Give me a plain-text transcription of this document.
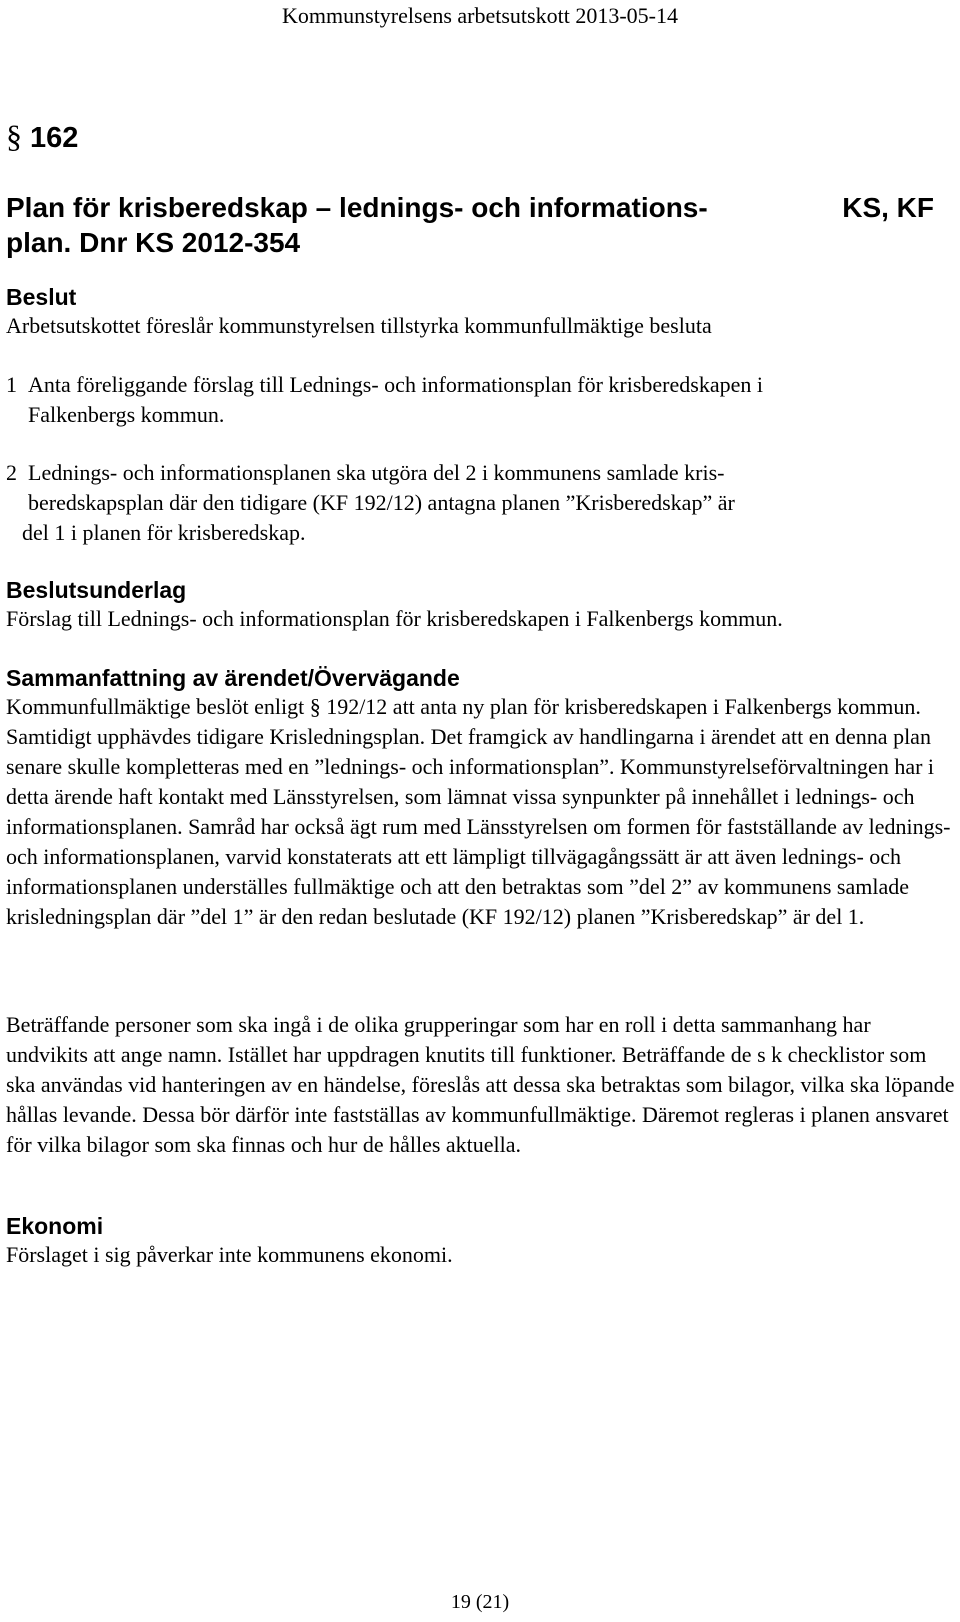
Kommunstyrelsens arbetsutskott 2013-05-14
§ 162
Plan för krisberedskap – lednings- och informations-
plan. Dnr KS 2012-354
KS, KF
Beslut
Arbetsutskottet föreslår kommunstyrelsen tillstyrka kommunfullmäktige besluta
1 Anta föreliggande förslag till Lednings- och informationsplan för krisberedskapen i
Falkenbergs kommun.
2 Lednings- och informationsplanen ska utgöra del 2 i kommunens samlade kris-
beredskapsplan där den tidigare (KF 192/12) antagna planen ”Krisberedskap” är
del 1 i planen för krisberedskap.
Beslutsunderlag
Förslag till Lednings- och informationsplan för krisberedskapen i Falkenbergs kommun.
Sammanfattning av ärendet/Övervägande

Kommunfullmäktige beslöt enligt § 192/12 att anta ny plan för krisberedskapen i Falkenbergs kommun. Samtidigt upphävdes tidigare Krisledningsplan. Det framgick av handlingarna i ärendet att en denna plan senare skulle kompletteras med en ”lednings- och informationsplan”. Kommunstyrelseförvaltningen har i detta ärende haft kontakt med Länsstyrelsen, som lämnat vissa synpunkter på innehållet i lednings- och informationsplanen. Samråd har också ägt rum med Länsstyrelsen om formen för fastställande av lednings- och informationsplanen, varvid konstaterats att ett lämpligt tillvägagångssätt är att även lednings- och informationsplanen underställes fullmäktige och att den betraktas som ”del 2” av kommunens samlade krisledningsplan där ”del 1” är den redan beslutade (KF 192/12) planen ”Krisberedskap” är del 1.

Beträffande personer som ska ingå i de olika grupperingar som har en roll i detta sammanhang har undvikits att ange namn. Istället har uppdragen knutits till funktioner. Beträffande de s k checklistor som ska användas vid hanteringen av en händelse, föreslås att dessa ska betraktas som bilagor, vilka ska löpande hållas levande. Dessa bör därför inte fastställas av kommunfullmäktige. Däremot regleras i planen ansvaret för vilka bilagor som ska finnas och hur de hålles aktuella.
Ekonomi
Förslaget i sig påverkar inte kommunens ekonomi.
19 (21)
